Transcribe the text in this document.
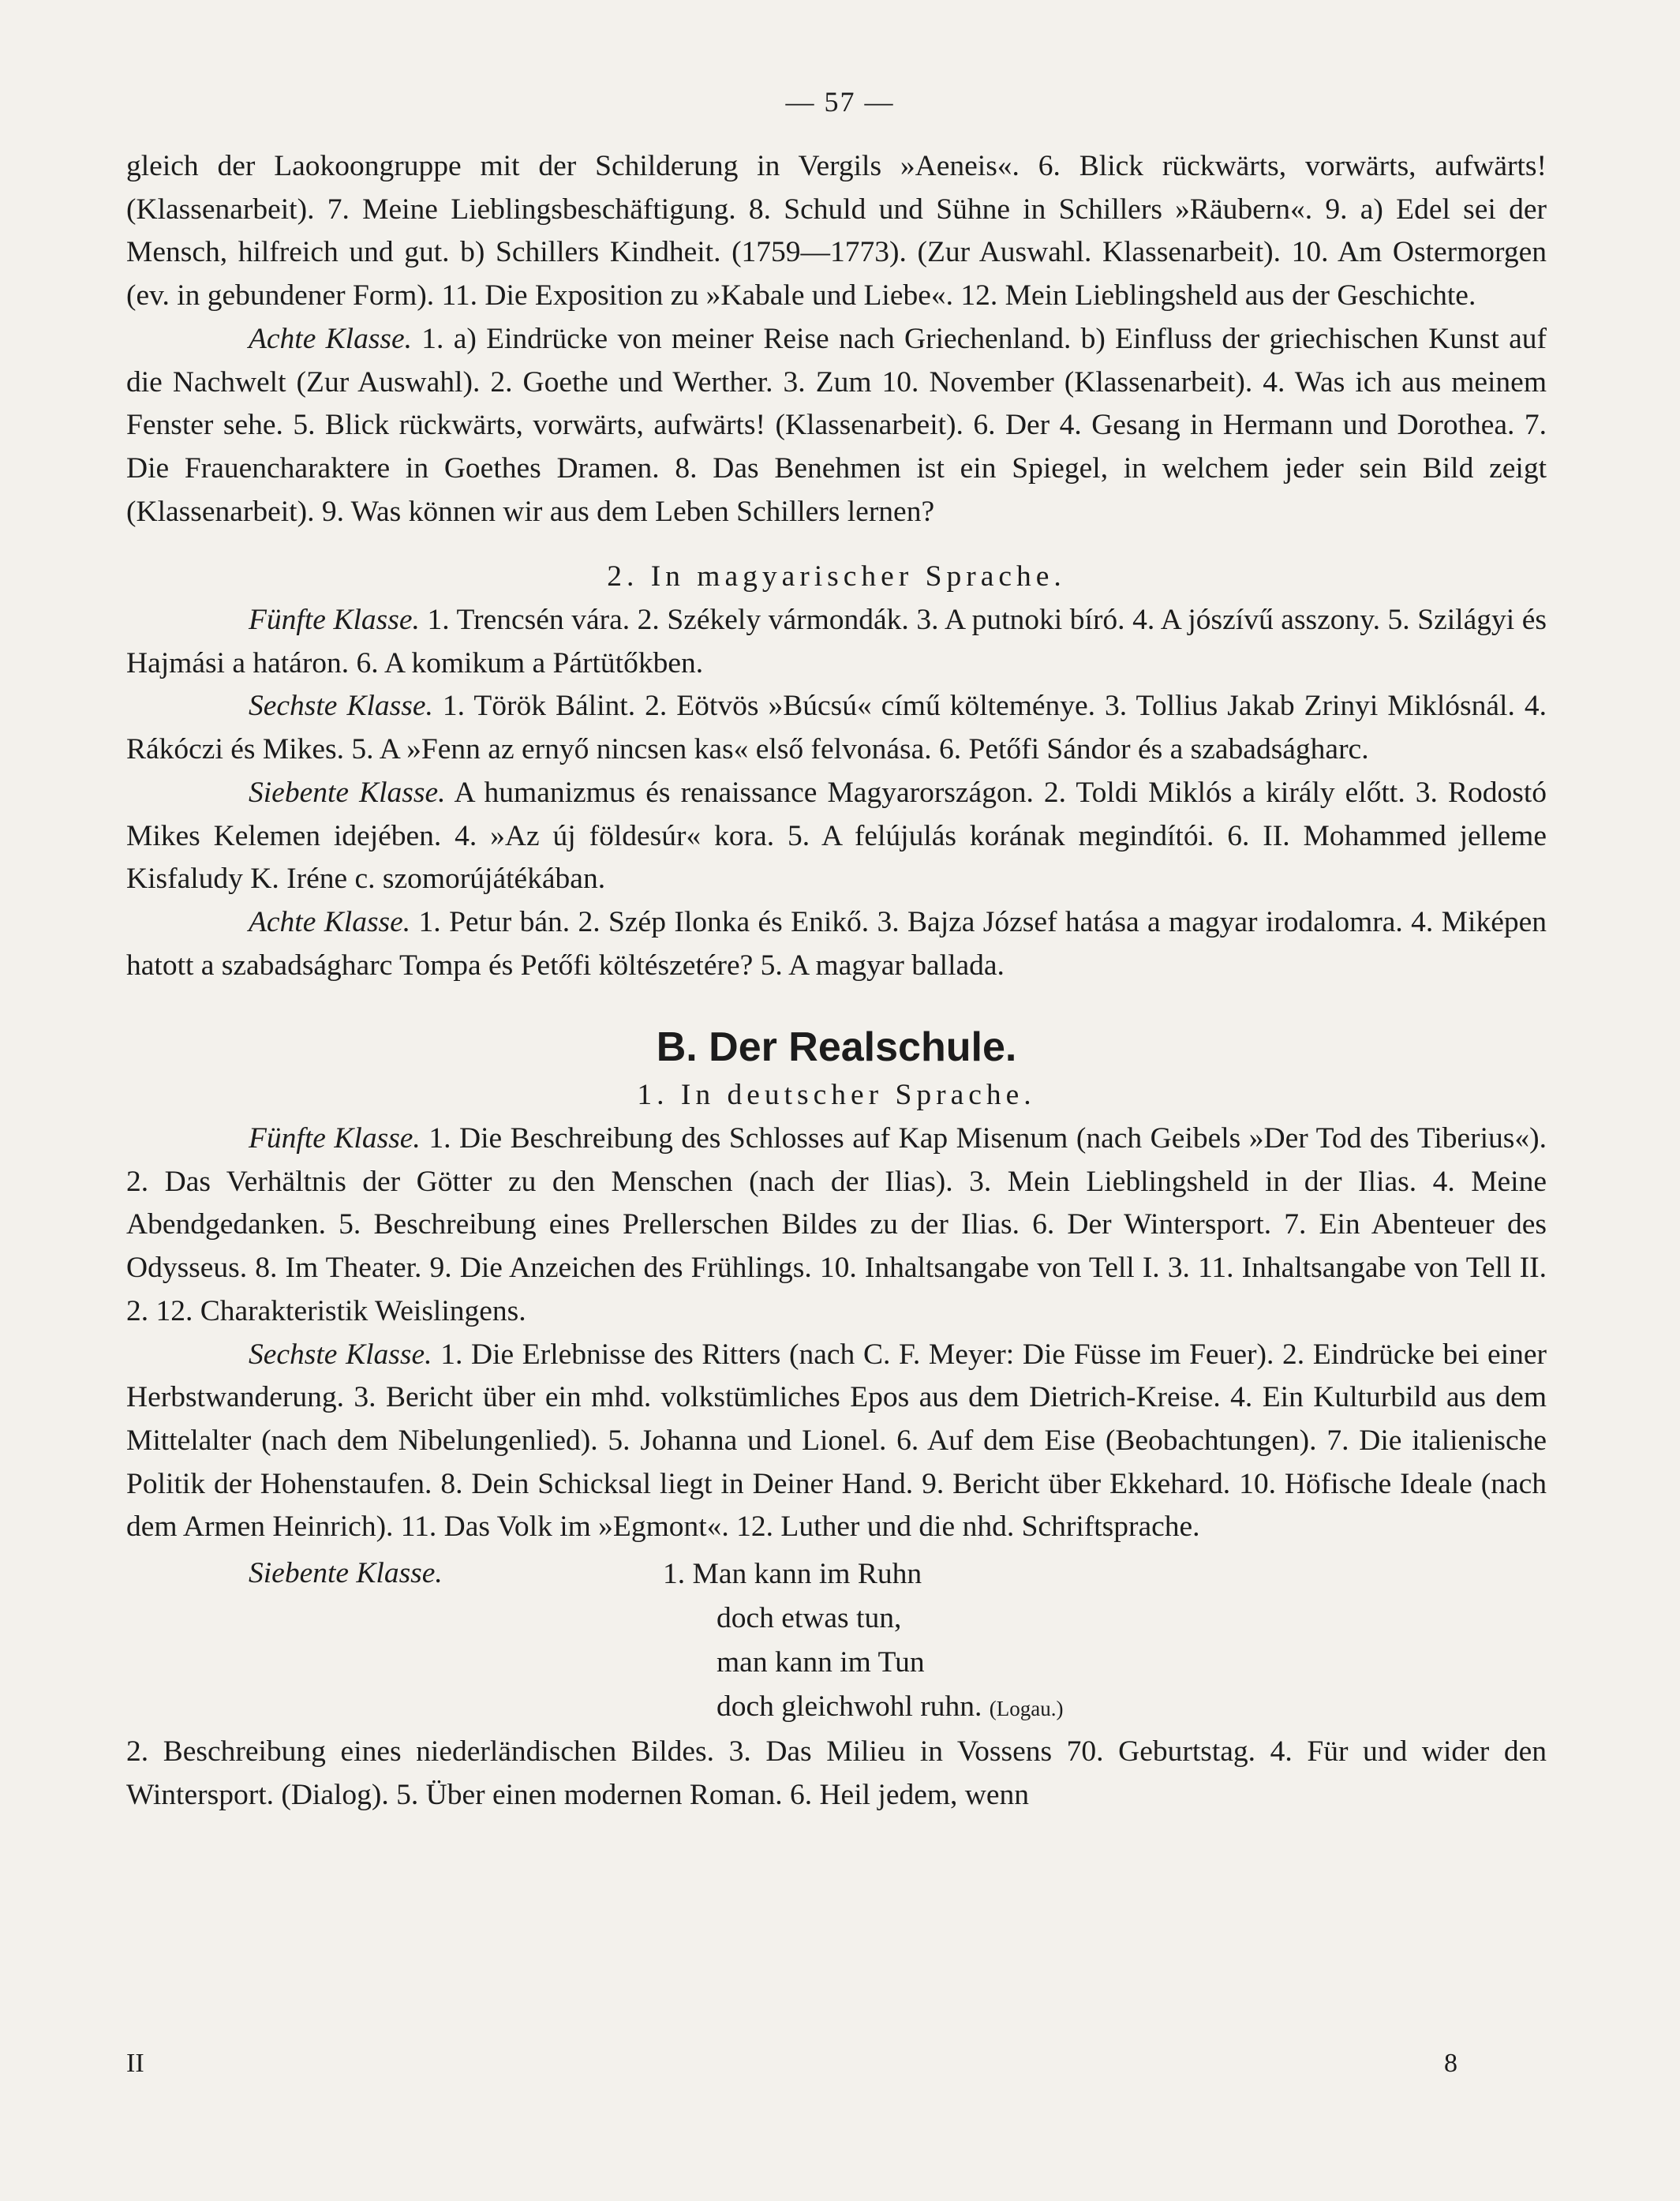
— 57 —

gleich der Laokoongruppe mit der Schilderung in Vergils »Aeneis«. 6. Blick rückwärts, vorwärts, aufwärts! (Klassenarbeit). 7. Meine Lieblingsbeschäftigung. 8. Schuld und Sühne in Schillers »Räubern«. 9. a) Edel sei der Mensch, hilfreich und gut. b) Schillers Kindheit. (1759—1773). (Zur Auswahl. Klassenarbeit). 10. Am Ostermorgen (ev. in gebundener Form). 11. Die Exposition zu »Kabale und Liebe«. 12. Mein Lieblingsheld aus der Geschichte.

Achte Klasse. 1. a) Eindrücke von meiner Reise nach Griechenland. b) Einfluss der griechischen Kunst auf die Nachwelt (Zur Auswahl). 2. Goethe und Werther. 3. Zum 10. November (Klassenarbeit). 4. Was ich aus meinem Fenster sehe. 5. Blick rückwärts, vorwärts, aufwärts! (Klassenarbeit). 6. Der 4. Gesang in Hermann und Dorothea. 7. Die Frauencharaktere in Goethes Dramen. 8. Das Benehmen ist ein Spiegel, in welchem jeder sein Bild zeigt (Klassenarbeit). 9. Was können wir aus dem Leben Schillers lernen?

2. In magyarischer Sprache.

Fünfte Klasse. 1. Trencsén vára. 2. Székely vármondák. 3. A putnoki bíró. 4. A jószívű asszony. 5. Szilágyi és Hajmási a határon. 6. A komikum a Pártütőkben.

Sechste Klasse. 1. Török Bálint. 2. Eötvös »Búcsú« című költeménye. 3. Tollius Jakab Zrinyi Miklósnál. 4. Rákóczi és Mikes. 5. A »Fenn az ernyő nincsen kas« első felvonása. 6. Petőfi Sándor és a szabadságharc.

Siebente Klasse. A humanizmus és renaissance Magyarországon. 2. Toldi Miklós a király előtt. 3. Rodostó Mikes Kelemen idejében. 4. »Az új földesúr« kora. 5. A felújulás korának megindítói. 6. II. Mohammed jelleme Kisfaludy K. Iréne c. szomorújátékában.

Achte Klasse. 1. Petur bán. 2. Szép Ilonka és Enikő. 3. Bajza József hatása a magyar irodalomra. 4. Miképen hatott a szabadságharc Tompa és Petőfi költészetére? 5. A magyar ballada.

B. Der Realschule.

1. In deutscher Sprache.

Fünfte Klasse. 1. Die Beschreibung des Schlosses auf Kap Misenum (nach Geibels »Der Tod des Tiberius«). 2. Das Verhältnis der Götter zu den Menschen (nach der Ilias). 3. Mein Lieblingsheld in der Ilias. 4. Meine Abendgedanken. 5. Beschreibung eines Prellerschen Bildes zu der Ilias. 6. Der Wintersport. 7. Ein Abenteuer des Odysseus. 8. Im Theater. 9. Die Anzeichen des Frühlings. 10. Inhaltsangabe von Tell I. 3. 11. Inhaltsangabe von Tell II. 2. 12. Charakteristik Weislingens.

Sechste Klasse. 1. Die Erlebnisse des Ritters (nach C. F. Meyer: Die Füsse im Feuer). 2. Eindrücke bei einer Herbstwanderung. 3. Bericht über ein mhd. volkstümliches Epos aus dem Dietrich-Kreise. 4. Ein Kulturbild aus dem Mittelalter (nach dem Nibelungenlied). 5. Johanna und Lionel. 6. Auf dem Eise (Beobachtungen). 7. Die italienische Politik der Hohenstaufen. 8. Dein Schicksal liegt in Deiner Hand. 9. Bericht über Ekkehard. 10. Höfische Ideale (nach dem Armen Heinrich). 11. Das Volk im »Egmont«. 12. Luther und die nhd. Schriftsprache.

Siebente Klasse.	1. Man kann im Ruhn
doch etwas tun,
man kann im Tun
doch gleichwohl ruhn. (Logau.)

2. Beschreibung eines niederländischen Bildes. 3. Das Milieu in Vossens 70. Geburtstag. 4. Für und wider den Wintersport. (Dialog). 5. Über einen modernen Roman. 6. Heil jedem, wenn

II	8
